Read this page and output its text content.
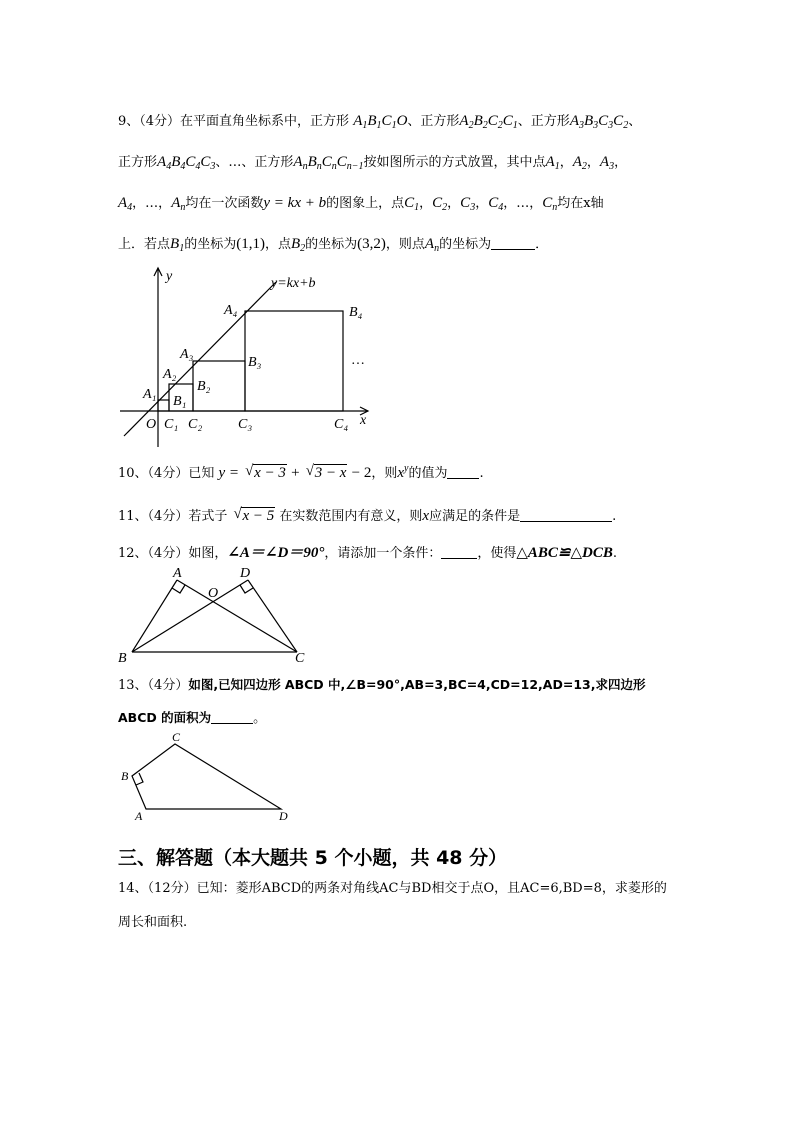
9、（4分）在平面直角坐标系中，正方形 $A_1B_1C_1O$、正方形$A_2B_2C_2C_1$、正方形$A_3B_3C_3C_2$、
正方形$A_4B_4C_4C_3$、…、正方形$A_nB_nC_nC_{n-1}$按如图所示的方式放置，其中点$A_1$，$A_2$，$A_3$，
$A_4$，…，$A_n$均在一次函数y = kx + b的图象上，点$C_1$，$C_2$，$C_3$，$C_4$，…，$C_n$均在x轴
上．若点$B_1$的坐标为(1,1)，点$B_2$的坐标为(3,2)，则点$A_n$的坐标为	．
y	y=kx+b
A₄	B₄
A₃
B₃	…
A₂
B₂
A₁ B₁
O C₁ C₂	C₃	C₄ x
10、（4分）已知 y = √ x − 3 + √ 3 − x − 2，则$x^y$的值为 .
11、（4分）若式子 √ x − 5 在实数范围内有意义，则x应满足的条件是	.
12、（4分）如图，∠A＝∠D＝90°，请添加一个条件：	，使得△ABC≌△DCB.
A	D
O
B	C
13、（4分）如图,已知四边形 ABCD 中,∠B=90°,AB=3,BC=4,CD=12,AD=13,求四边形
ABCD 的面积为	。
C
B
A	D
三、解答题（本大题共 5 个小题，共 48 分）
14、（12分）已知：菱形ABCD的两条对角线AC与BD相交于点O，且AC=6,BD=8，求菱形的
周长和面积.
